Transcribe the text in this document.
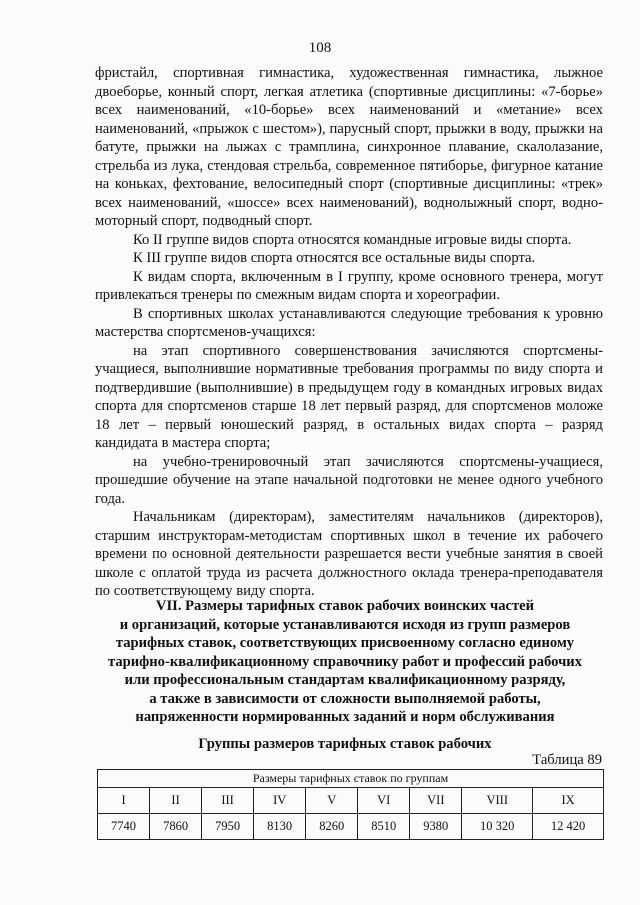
108

фристайл, спортивная гимнастика, художественная гимнастика, лыжное двоеборье, конный спорт, легкая атлетика (спортивные дисциплины: «7-борье» всех наименований, «10-борье» всех наименований и «метание» всех наименований, «прыжок с шестом»), парусный спорт, прыжки в воду, прыжки на батуте, прыжки на лыжах с трамплина, синхронное плавание, скалолазание, стрельба из лука, стендовая стрельба, современное пятиборье, фигурное катание на коньках, фехтование, велосипедный спорт (спортивные дисциплины: «трек» всех наименований, «шоссе» всех наименований), воднолыжный спорт, водно-моторный спорт, подводный спорт.

Ко II группе видов спорта относятся командные игровые виды спорта.

К III группе видов спорта относятся все остальные виды спорта.

К видам спорта, включенным в I группу, кроме основного тренера, могут привлекаться тренеры по смежным видам спорта и хореографии.

В спортивных школах устанавливаются следующие требования к уровню мастерства спортсменов-учащихся:

на этап спортивного совершенствования зачисляются спортсмены-учащиеся, выполнившие нормативные требования программы по виду спорта и подтвердившие (выполнившие) в предыдущем году в командных игровых видах спорта для спортсменов старше 18 лет первый разряд, для спортсменов моложе 18 лет – первый юношеский разряд, в остальных видах спорта – разряд кандидата в мастера спорта;

на учебно-тренировочный этап зачисляются спортсмены-учащиеся, прошедшие обучение на этапе начальной подготовки не менее одного учебного года.

Начальникам (директорам), заместителям начальников (директоров), старшим инструкторам-методистам спортивных школ в течение их рабочего времени по основной деятельности разрешается вести учебные занятия в своей школе с оплатой труда из расчета должностного оклада тренера-преподавателя по соответствующему виду спорта.

VII. Размеры тарифных ставок рабочих воинских частей
и организаций, которые устанавливаются исходя из групп размеров
тарифных ставок, соответствующих присвоенному согласно единому
тарифно-квалификационному справочнику работ и профессий рабочих
или профессиональным стандартам квалификационному разряду,
а также в зависимости от сложности выполняемой работы,
напряженности нормированных заданий и норм обслуживания
Группы размеров тарифных ставок рабочих
Таблица 89
Размеры тарифных ставок по группам								
I	II	III	IV	V	VI	VII	VIII	IX
7740	7860	7950	8130	8260	8510	9380	10 320	12 420
